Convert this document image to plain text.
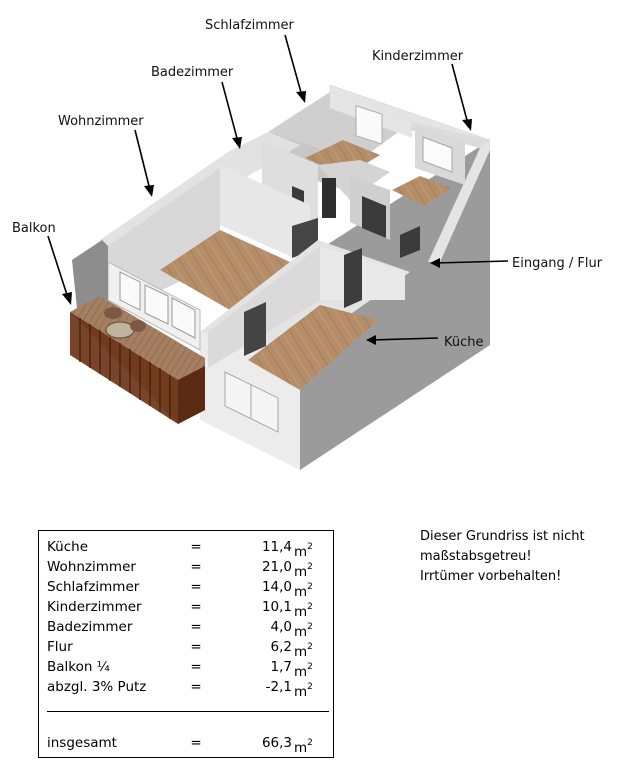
Schlafzimmer
Kinderzimmer
Badezimmer
Wohnzimmer
Balkon
Eingang / Flur
Küche
Küche	=	11,4 $m^2$
Wohnzimmer	=	21,0 $m^2$
Schlafzimmer	=	14,0 $m^2$
Kinderzimmer	=	10,1 $m^2$
Badezimmer	=	4,0 $m^2$
Flur	=	6,2 $m^2$
Balkon ¼	=	1,7 $m^2$
abzgl. 3% Putz	=	-2,1 $m^2$
insgesamt	=	66,3 $m^2$
Dieser Grundriss ist nicht
maßstabsgetreu!
Irrtümer vorbehalten!
